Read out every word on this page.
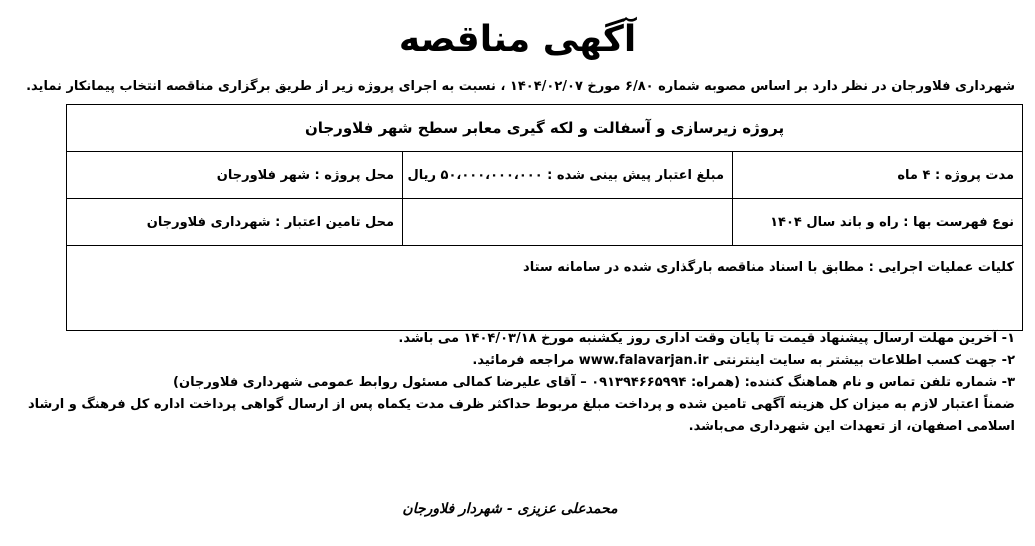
آگهی مناقصه
شهرداری فلاورجان در نظر دارد بر اساس مصوبه شماره ۶/۸۰ مورخ ۱۴۰۴/۰۲/۰۷ ، نسبت به اجرای پروژه زیر از طریق برگزاری مناقصه انتخاب پیمانکار نماید.
پروژه زیرسازی و آسفالت و لکه گیری معابر سطح شهر فلاورجان		
مدت پروژه : ۴ ماه	مبلغ اعتبار پیش بینی شده : ۵۰،۰۰۰،۰۰۰،۰۰۰ ریال	محل پروژه : شهر فلاورجان
نوع فهرست بها : راه و باند سال ۱۴۰۴		محل تامین اعتبار : شهرداری فلاورجان
کلیات عملیات اجرایی : مطابق با اسناد مناقصه بارگذاری شده در سامانه ستاد		
۱- آخرین مهلت ارسال پیشنهاد قیمت تا پایان وقت اداری روز یکشنبه مورخ ۱۴۰۴/۰۳/۱۸ می باشد.
۲- جهت کسب اطلاعات بیشتر به سایت اینترنتی www.falavarjan.ir مراجعه فرمائید.
۳- شماره تلفن تماس و نام هماهنگ کننده: (همراه: ۰۹۱۳۹۴۶۶۵۹۹۴ – آقای علیرضا کمالی مسئول روابط عمومی شهرداری فلاورجان)
ضمناً اعتبار لازم به میزان کل هزینه آگهی تامین شده و پرداخت مبلغ مربوط حداکثر ظرف مدت یکماه پس از ارسال گواهی پرداخت اداره کل فرهنگ و ارشاد اسلامی اصفهان، از تعهدات این شهرداری می‌باشد.
محمدعلی عزیزی - شهردار فلاورجان
